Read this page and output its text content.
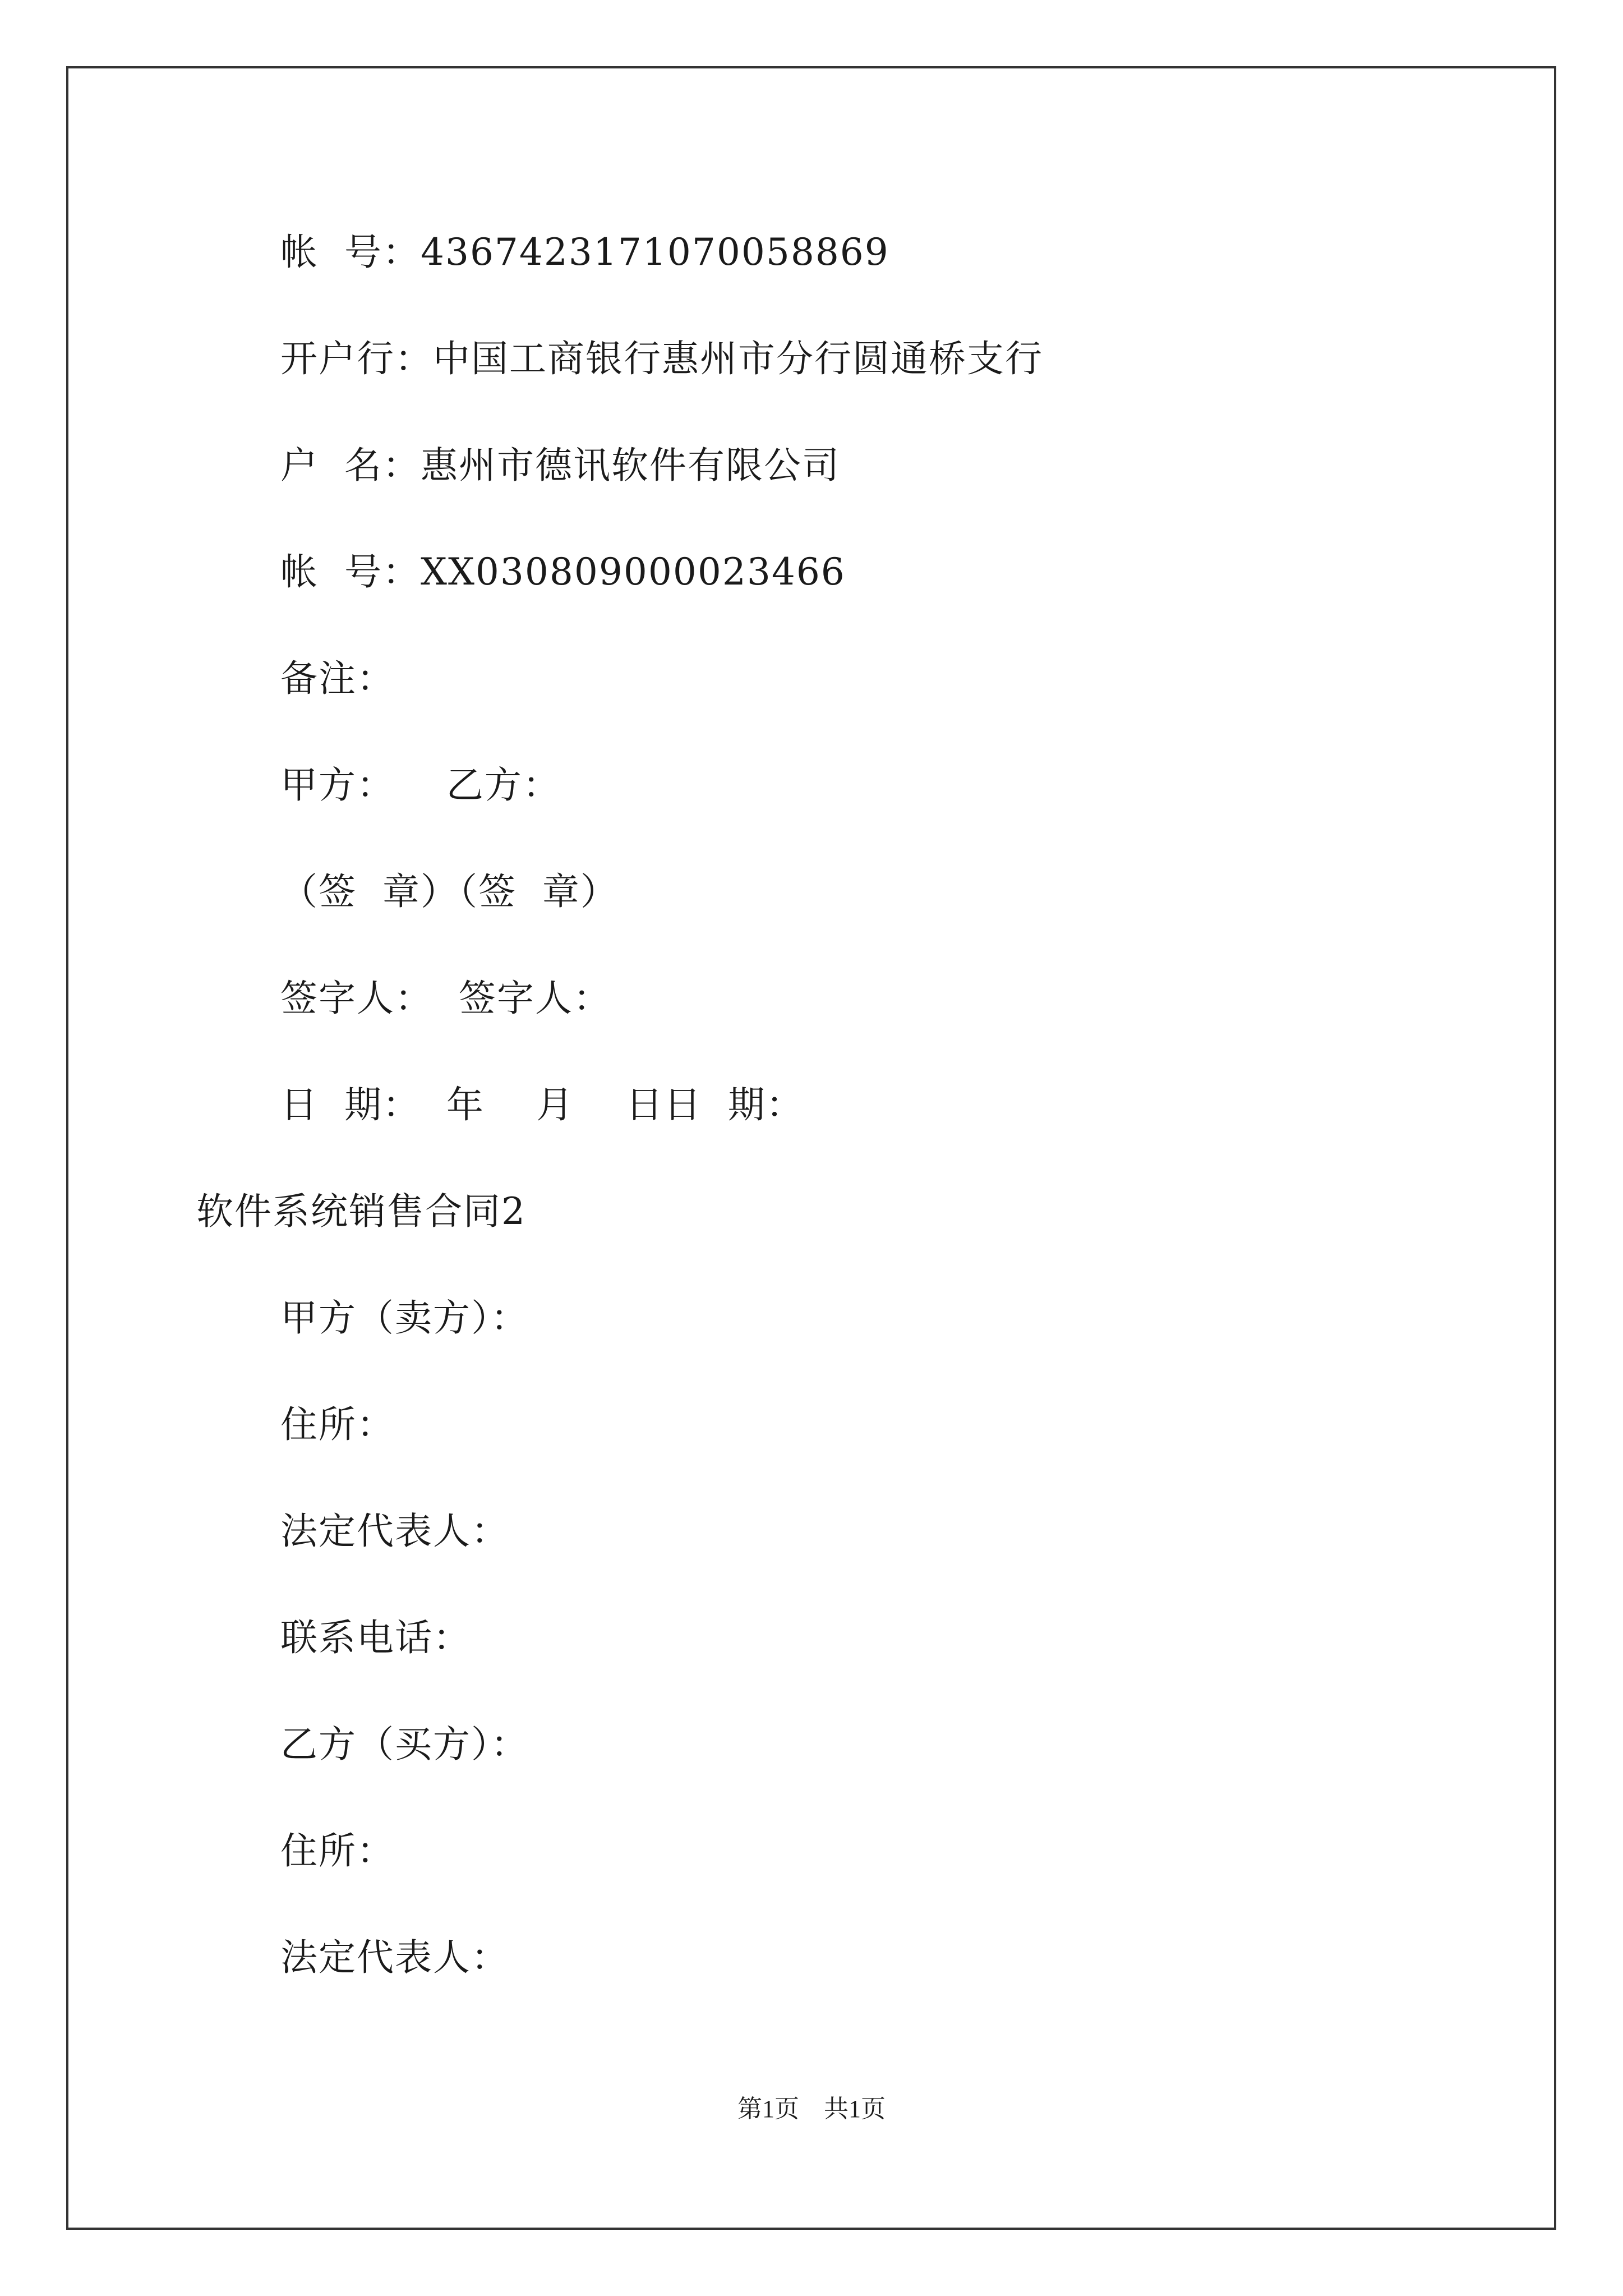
帐  号：4367423171070058869
开户行：中国工商银行惠州市分行圆通桥支行
户  名：惠州市德讯软件有限公司
帐  号：XX030809000023466
备注：
甲方：    乙方：
（签  章）（签  章）
签字人：  签字人：
日  期：  年    月    日日  期：
软件系统销售合同2
甲方（卖方）：
住所：
法定代表人：
联系电话：
乙方（买方）：
住所：
法定代表人：
第1页    共1页
